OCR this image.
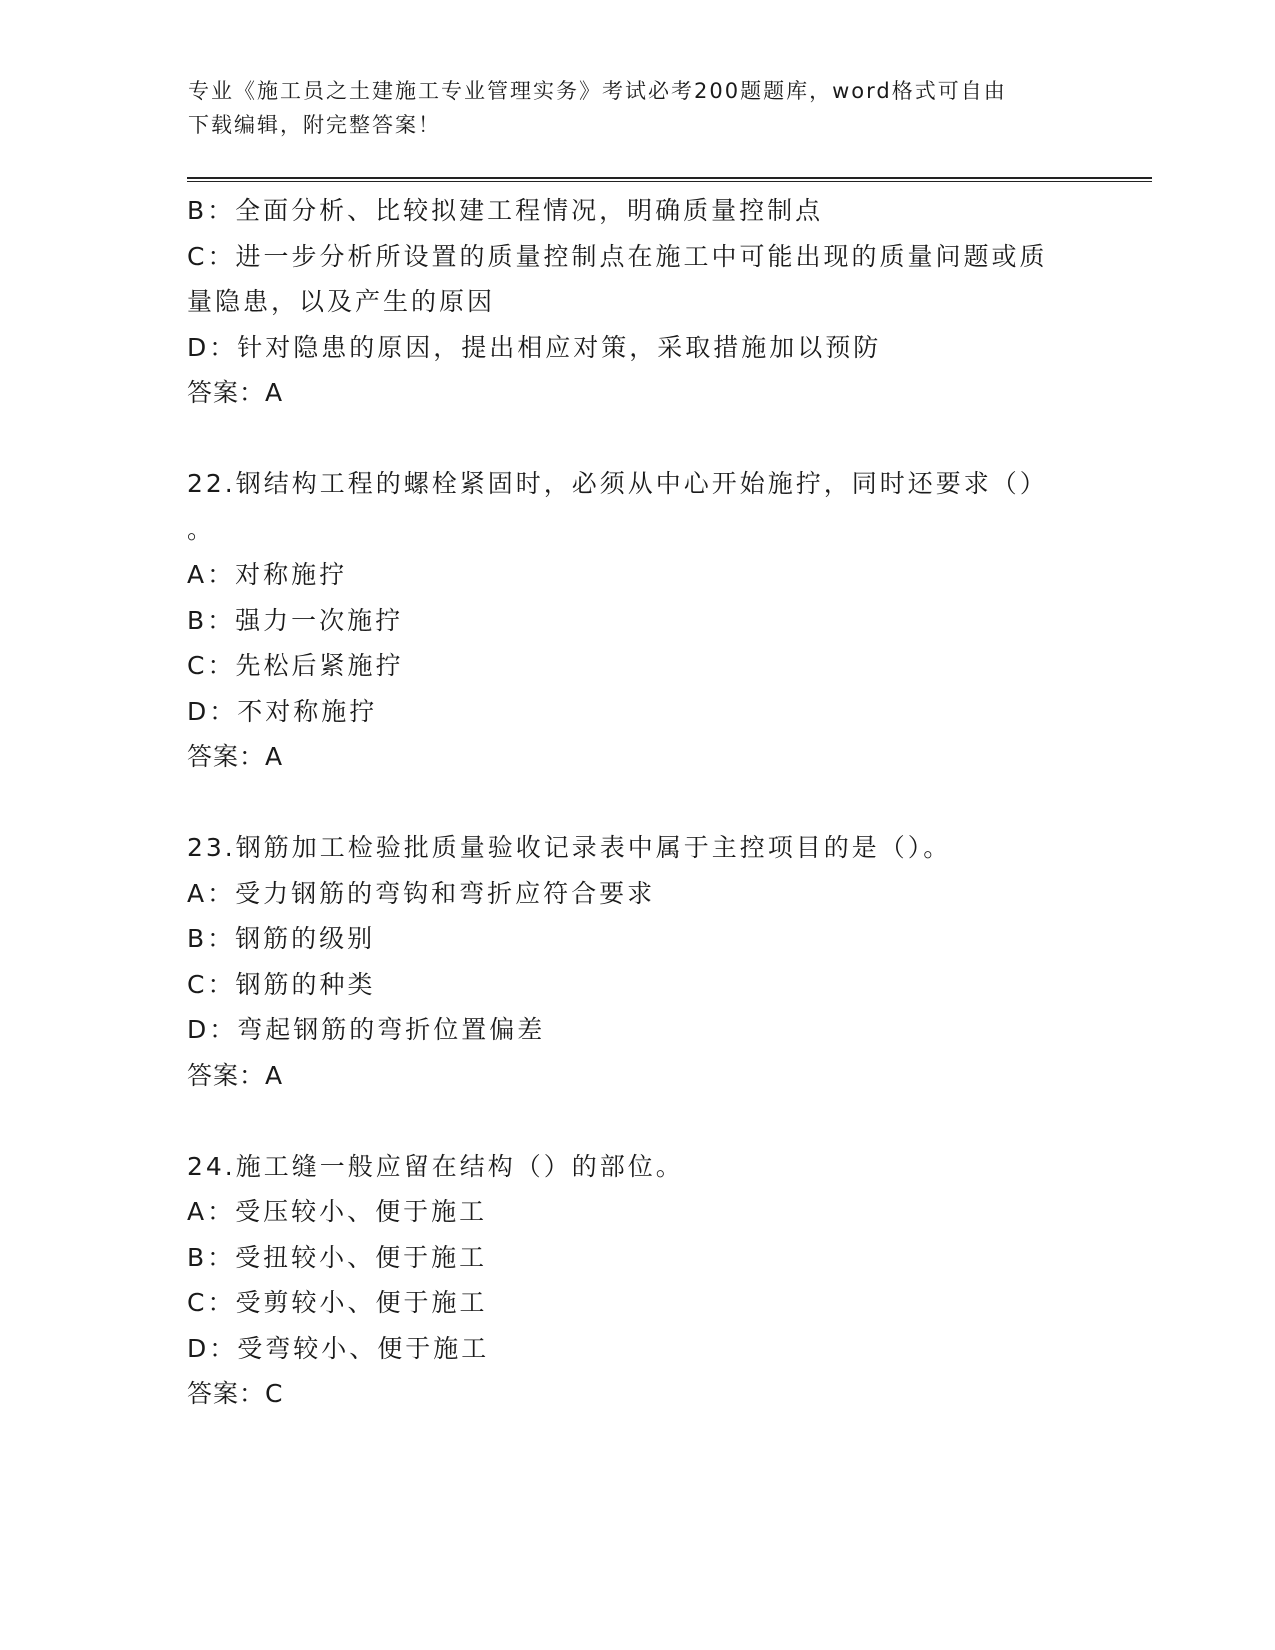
专业《施工员之土建施工专业管理实务》考试必考200题题库，word格式可自由
下载编辑，附完整答案！
B：全面分析、比较拟建工程情况，明确质量控制点
C：进一步分析所设置的质量控制点在施工中可能出现的质量问题或质
量隐患，以及产生的原因
D：针对隐患的原因，提出相应对策，采取措施加以预防
答案：A
22.钢结构工程的螺栓紧固时，必须从中心开始施拧，同时还要求（）
。
A：对称施拧
B：强力一次施拧
C：先松后紧施拧
D：不对称施拧
答案：A
23.钢筋加工检验批质量验收记录表中属于主控项目的是（）。
A：受力钢筋的弯钩和弯折应符合要求
B：钢筋的级别
C：钢筋的种类
D：弯起钢筋的弯折位置偏差
答案：A
24.施工缝一般应留在结构（）的部位。
A：受压较小、便于施工
B：受扭较小、便于施工
C：受剪较小、便于施工
D：受弯较小、便于施工
答案：C
